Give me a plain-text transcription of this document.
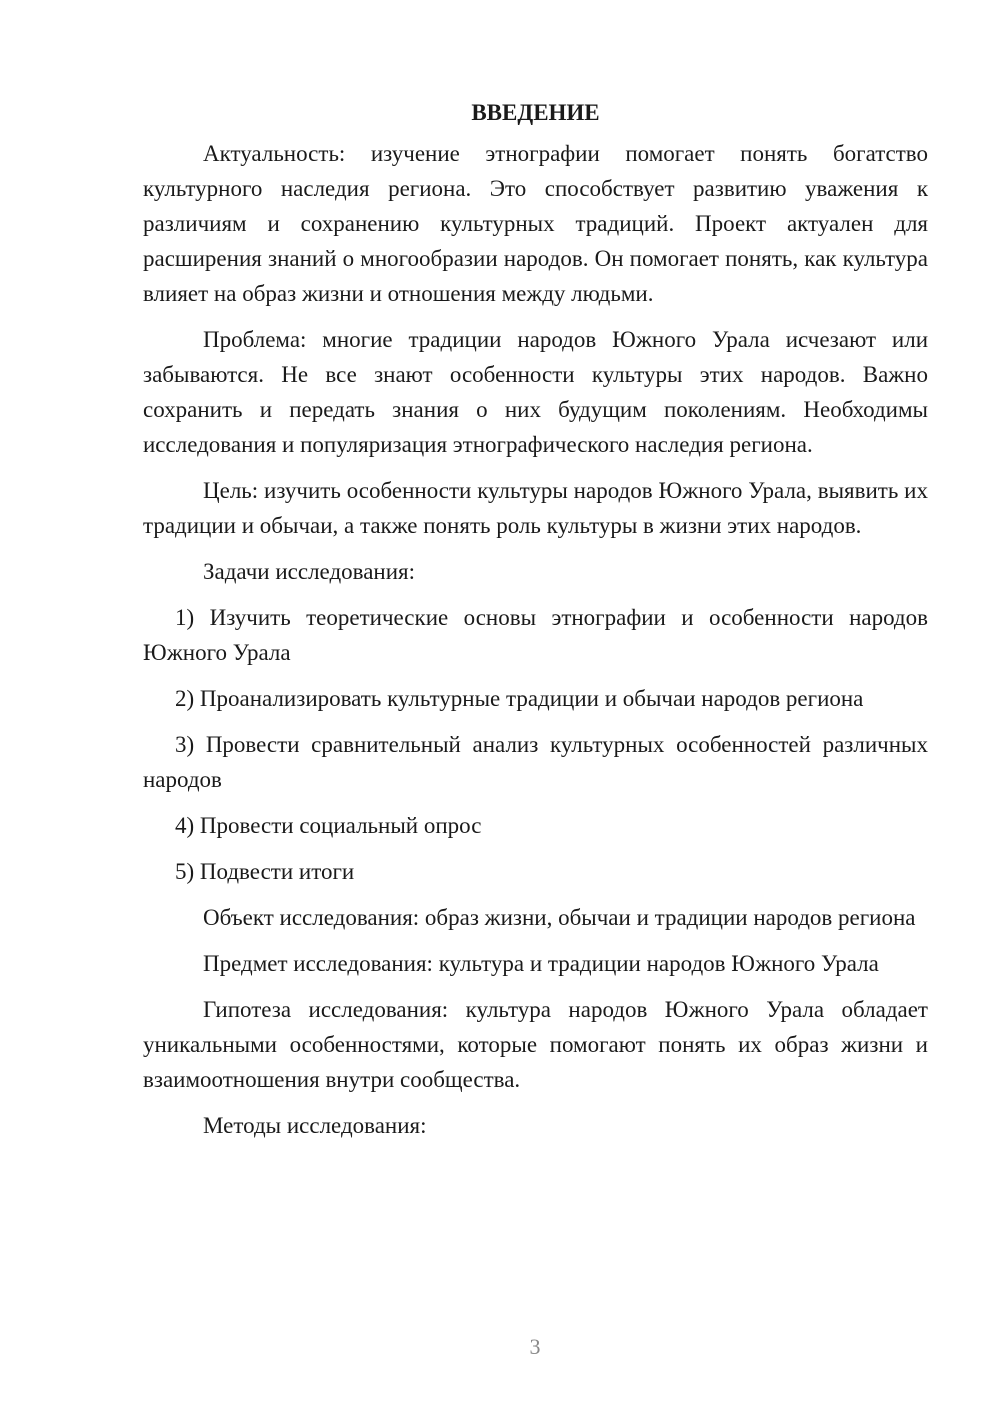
ВВЕДЕНИЕ
Актуальность: изучение этнографии помогает понять богатство культурного наследия региона. Это способствует развитию уважения к различиям и сохранению культурных традиций. Проект актуален для расширения знаний о многообразии народов. Он помогает понять, как культура влияет на образ жизни и отношения между людьми.
Проблема: многие традиции народов Южного Урала исчезают или забываются. Не все знают особенности культуры этих народов. Важно сохранить и передать знания о них будущим поколениям. Необходимы исследования и популяризация этнографического наследия региона.
Цель: изучить особенности культуры народов Южного Урала, выявить их традиции и обычаи, а также понять роль культуры в жизни этих народов.
Задачи исследования:
1) Изучить теоретические основы этнографии и особенности народов Южного Урала
2) Проанализировать культурные традиции и обычаи народов региона
3) Провести сравнительный анализ культурных особенностей различных народов
4) Провести социальный опрос
5) Подвести итоги
Объект исследования: образ жизни, обычаи и традиции народов региона
Предмет исследования: культура и традиции народов Южного Урала
Гипотеза исследования: культура народов Южного Урала обладает уникальными особенностями, которые помогают понять их образ жизни и взаимоотношения внутри сообщества.
Методы исследования:
3
